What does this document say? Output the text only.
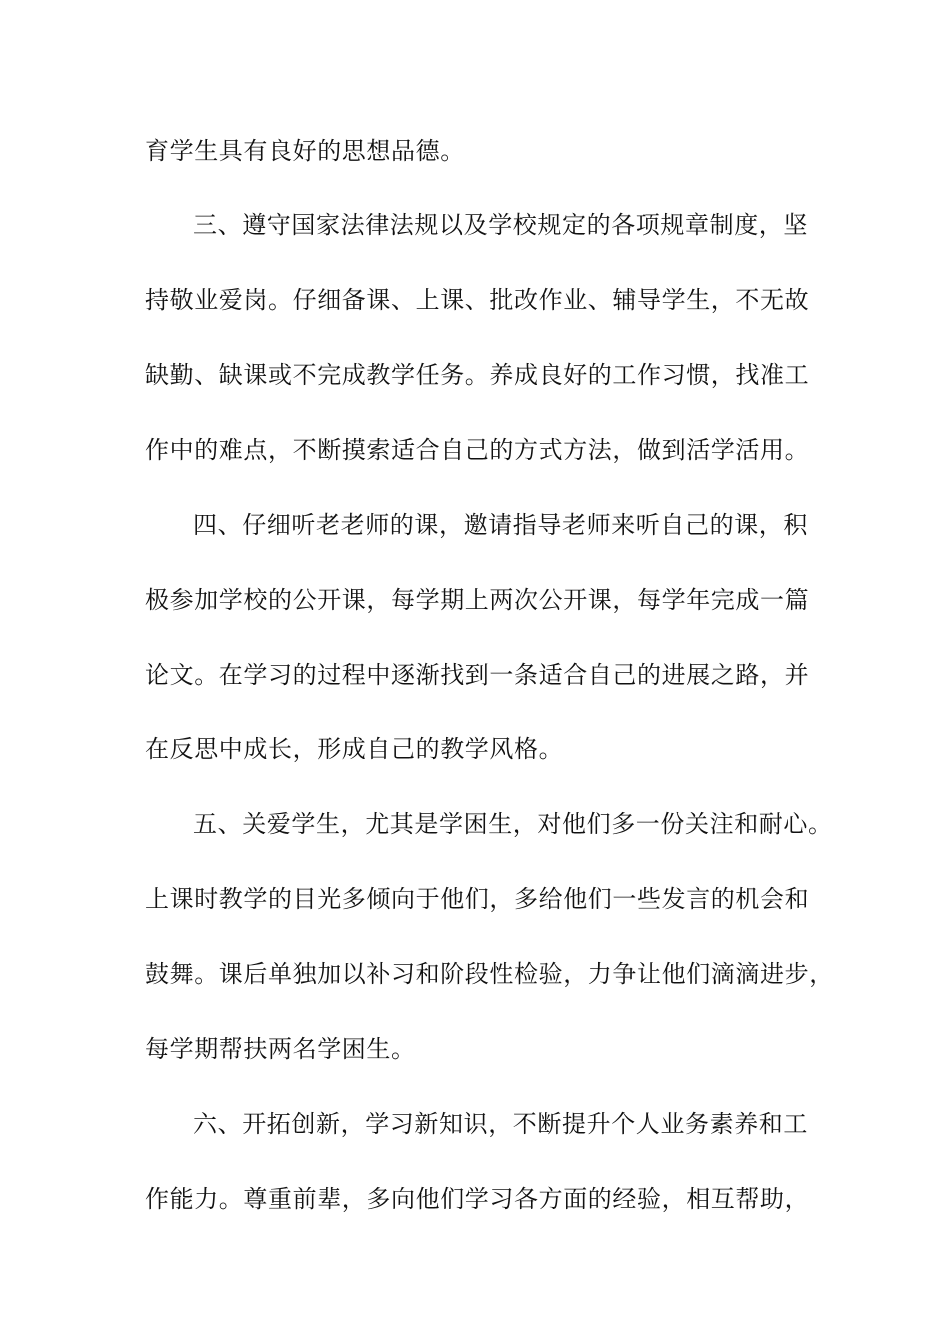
育学生具有良好的思想品德。
三、遵守国家法律法规以及学校规定的各项规章制度，坚
持敬业爱岗。仔细备课、上课、批改作业、辅导学生，不无故
缺勤、缺课或不完成教学任务。养成良好的工作习惯，找准工
作中的难点，不断摸索适合自己的方式方法，做到活学活用。
四、仔细听老老师的课，邀请指导老师来听自己的课，积
极参加学校的公开课，每学期上两次公开课，每学年完成一篇
论文。在学习的过程中逐渐找到一条适合自己的进展之路，并
在反思中成长，形成自己的教学风格。
五、关爱学生，尤其是学困生，对他们多一份关注和耐心。
上课时教学的目光多倾向于他们，多给他们一些发言的机会和
鼓舞。课后单独加以补习和阶段性检验，力争让他们滴滴进步，
每学期帮扶两名学困生。
六、开拓创新，学习新知识，不断提升个人业务素养和工
作能力。尊重前辈，多向他们学习各方面的经验，相互帮助，
